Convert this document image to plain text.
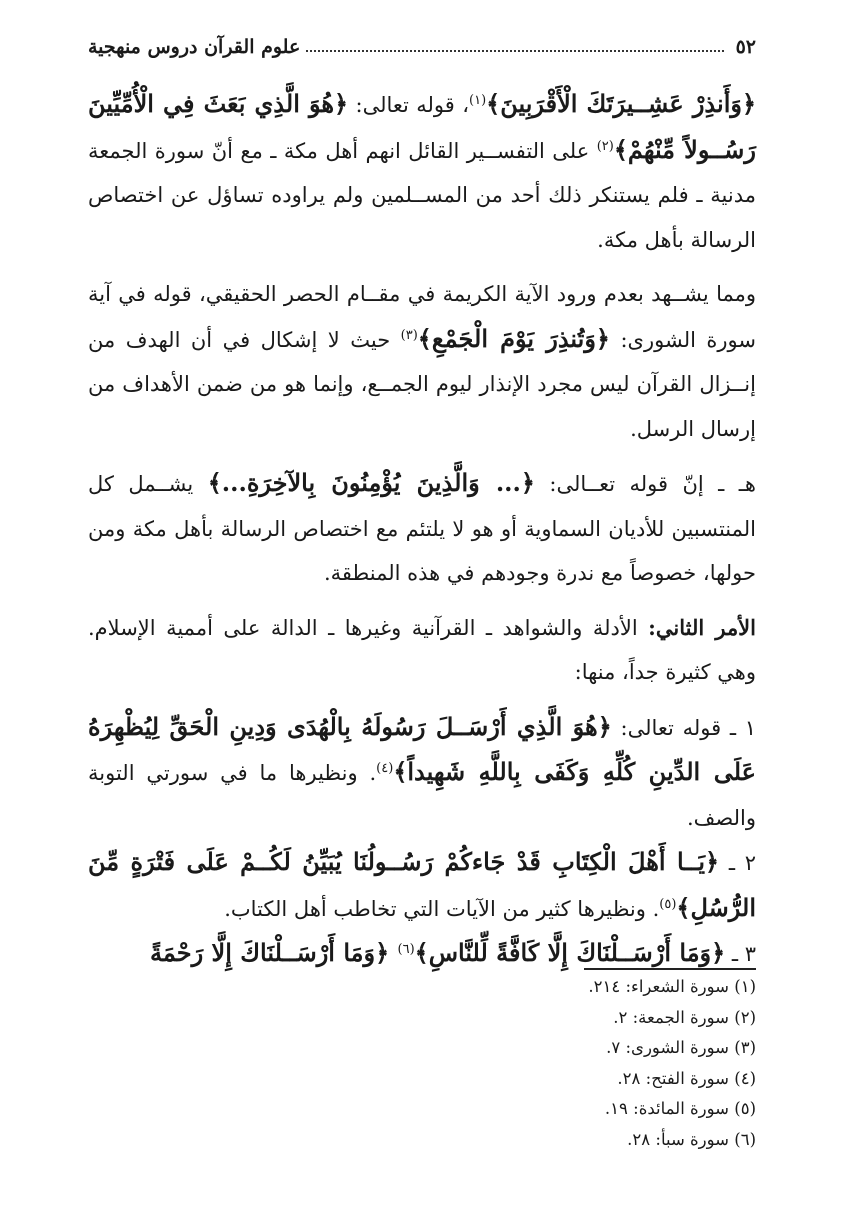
٥٢
علوم القرآن دروس منهجية

﴿وَأَنذِرْ عَشِــيرَتَكَ الْأَقْرَبِينَ﴾$^{(١)}$، قوله تعالى: ﴿هُوَ الَّذِي بَعَثَ فِي الْأُمِّيِّينَ رَسُــولاً مِّنْهُمْ﴾$^{(٢)}$ على التفســير القائل انهم أهل مكة ـ مع أنّ سورة الجمعة مدنية ـ فلم يستنكر ذلك أحد من المســلمين ولم يراوده تساؤل عن اختصاص الرسالة بأهل مكة.

ومما يشــهد بعدم ورود الآية الكريمة في مقــام الحصر الحقيقي، قوله في آية سورة الشورى: ﴿وَتُنذِرَ يَوْمَ الْجَمْعِ﴾$^{(٣)}$ حيث لا إشكال في أن الهدف من إنــزال القرآن ليس مجرد الإنذار ليوم الجمــع، وإنما هو من ضمن الأهداف من إرسال الرسل.

هـ ـ إنّ قوله تعــالى: ﴿... وَالَّذِينَ يُؤْمِنُونَ بِالآخِرَةِ...﴾ يشــمل كل المنتسبين للأديان السماوية أو هو لا يلتئم مع اختصاص الرسالة بأهل مكة ومن حولها، خصوصاً مع ندرة وجودهم في هذه المنطقة.

الأمر الثاني: الأدلة والشواهد ـ القرآنية وغيرها ـ الدالة على أممية الإسلام. وهي كثيرة جداً، منها:

١ ـ قوله تعالى: ﴿هُوَ الَّذِي أَرْسَــلَ رَسُولَهُ بِالْهُدَى وَدِينِ الْحَقِّ لِيُظْهِرَهُ عَلَى الدِّينِ كُلِّهِ وَكَفَى بِاللَّهِ شَهِيداً﴾$^{(٤)}$. ونظيرها ما في سورتي التوبة والصف.

٢ ـ ﴿يَــا أَهْلَ الْكِتَابِ قَدْ جَاءكُمْ رَسُــولُنَا يُبَيِّنُ لَكُــمْ عَلَى فَتْرَةٍ مِّنَ الرُّسُلِ﴾$^{(٥)}$. ونظيرها كثير من الآيات التي تخاطب أهل الكتاب.

٣ ـ ﴿وَمَا أَرْسَــلْنَاكَ إِلَّا كَافَّةً لِّلنَّاسِ﴾$^{(٦)}$ ﴿وَمَا أَرْسَــلْنَاكَ إِلَّا رَحْمَةً

(١) سورة الشعراء: ٢١٤.
(٢) سورة الجمعة: ٢.
(٣) سورة الشورى: ٧.
(٤) سورة الفتح: ٢٨.
(٥) سورة المائدة: ١٩.
(٦) سورة سبأ: ٢٨.
